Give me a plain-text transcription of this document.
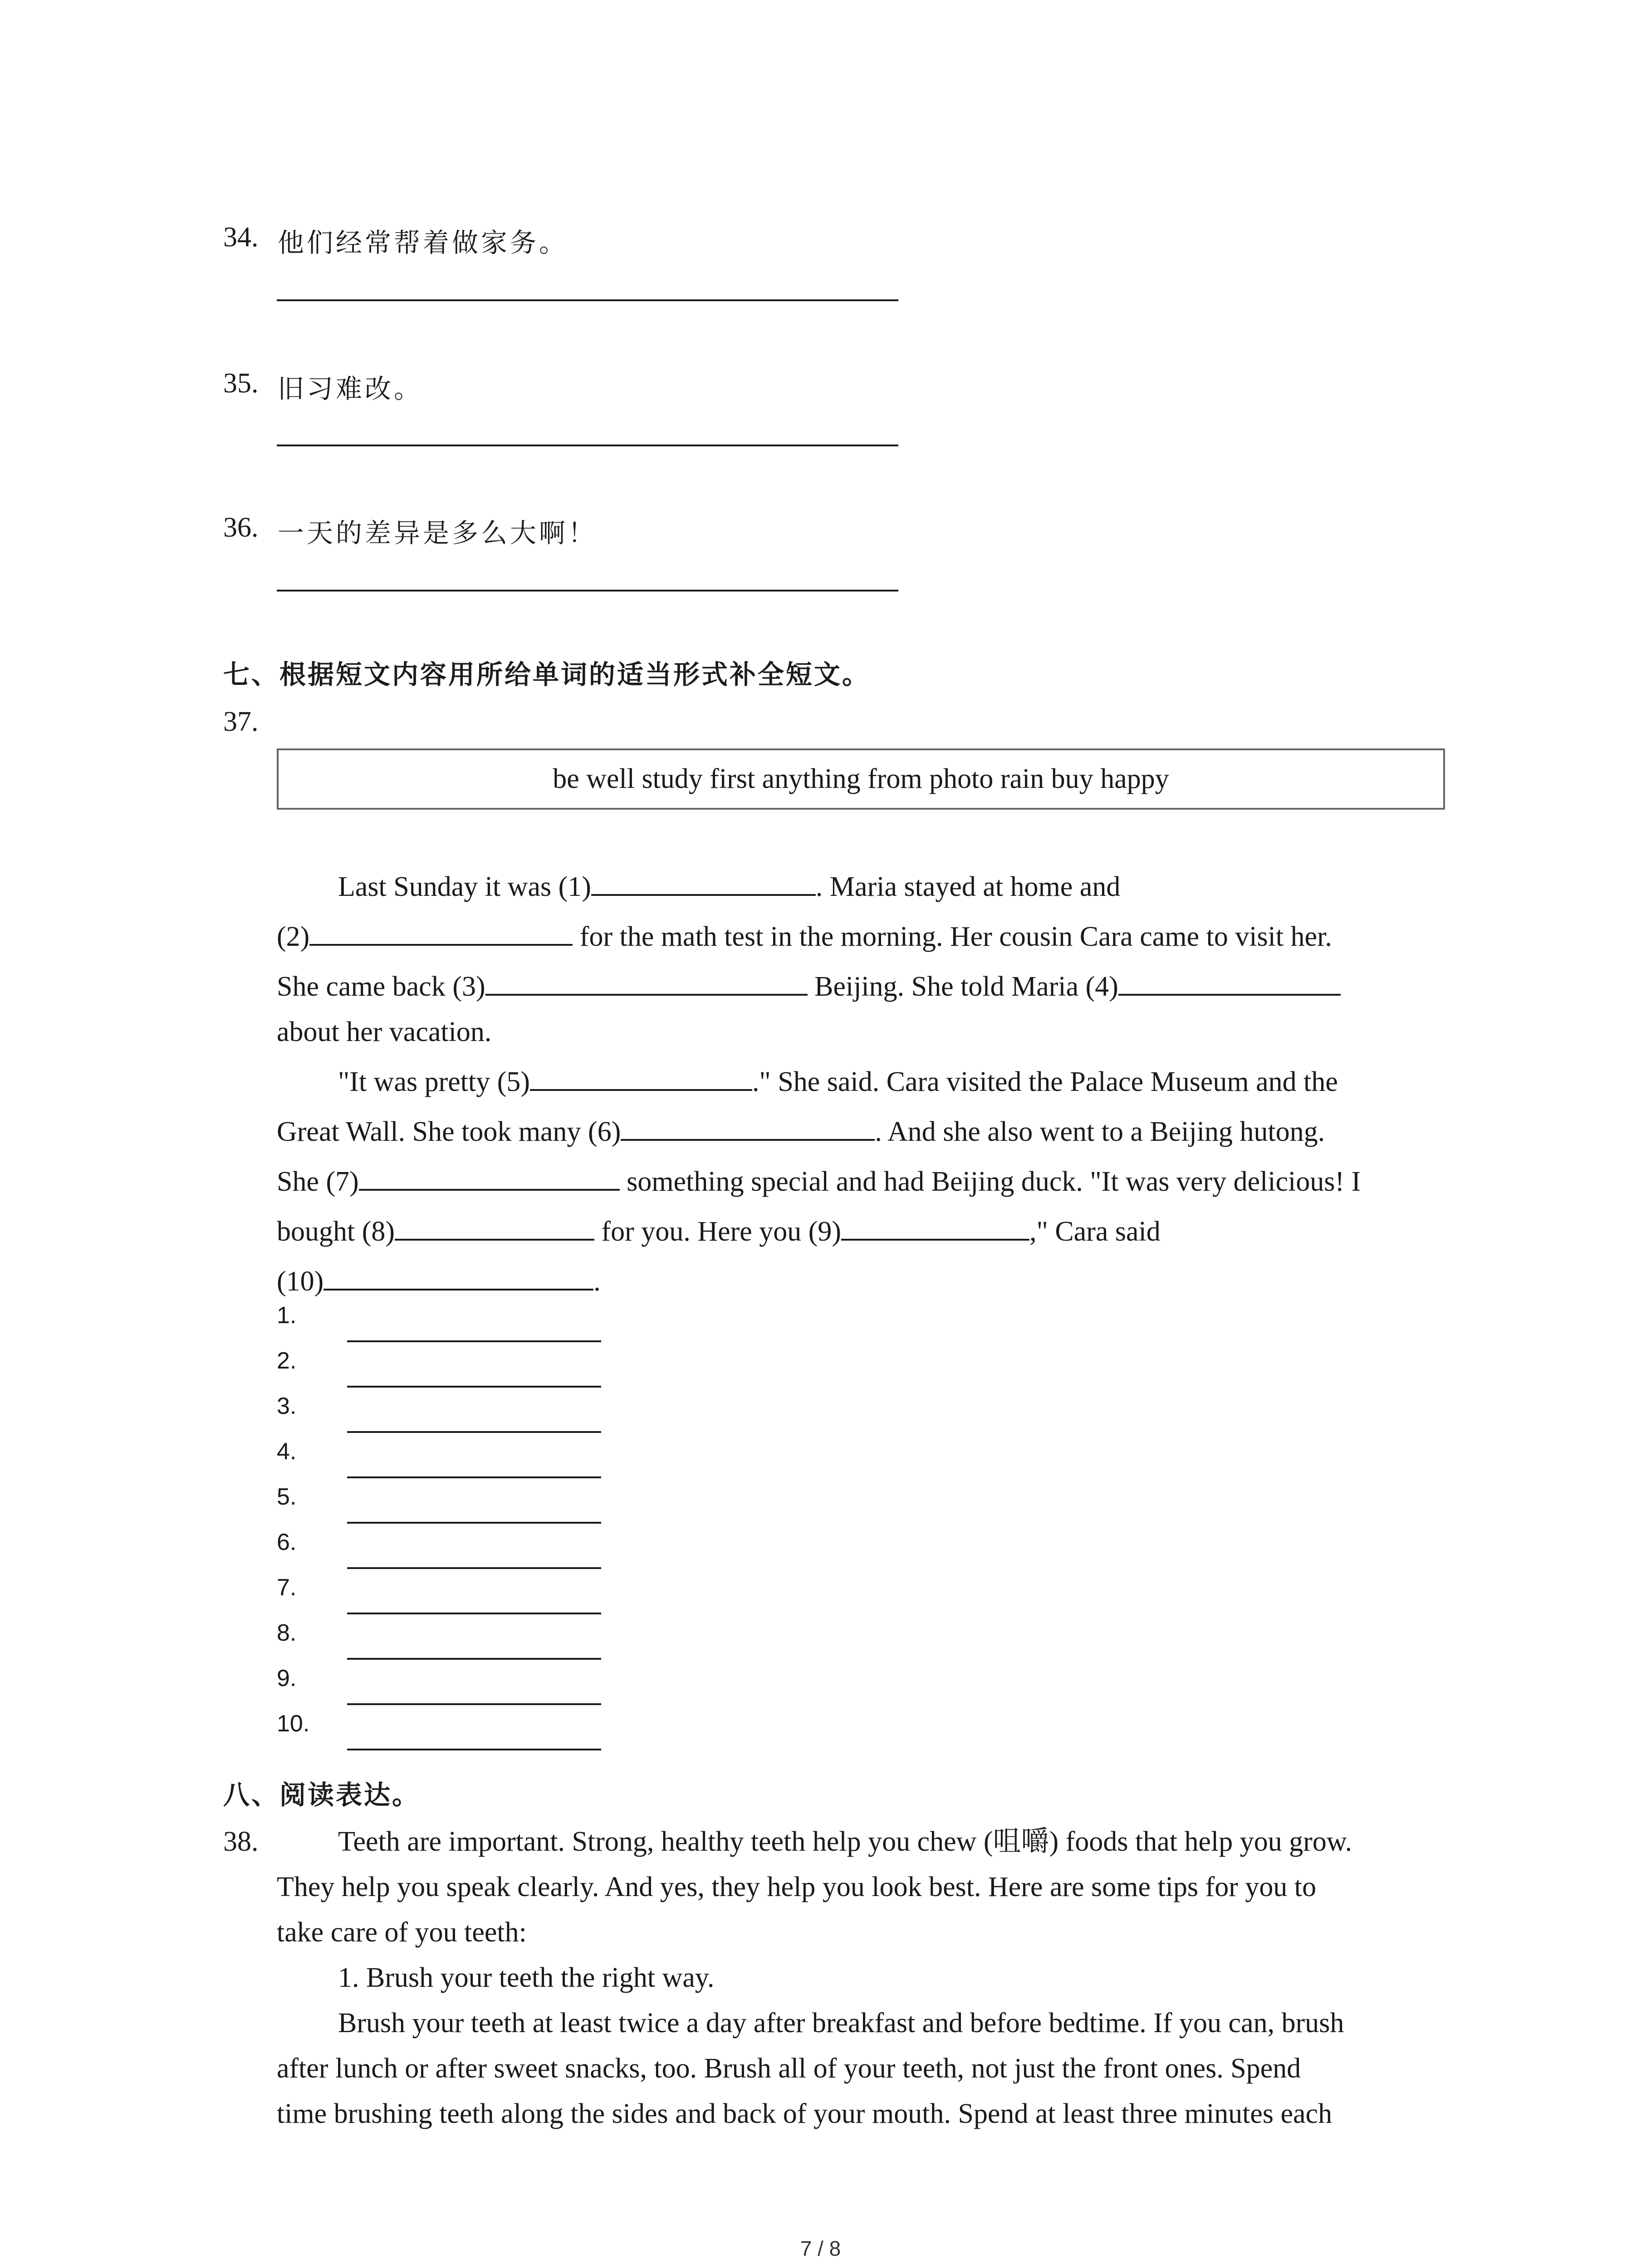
34. 他们经常帮着做家务。
35. 旧习难改。
36. 一天的差异是多么大啊！
七、根据短文内容用所给单词的适当形式补全短文。
37.
be well study first anything from photo rain buy happy
Last Sunday it was (1)	. Maria stayed at home and
(2)	for the math test in the morning. Her cousin Cara came to visit her.
She came back (3)	Beijing. She told Maria (4)
about her vacation.
"It was pretty (5)	." She said. Cara visited the Palace Museum and the
Great Wall. She took many (6)	. And she also went to a Beijing hutong.
She (7)	something special and had Beijing duck. "It was very delicious! I
bought (8)	for you. Here you (9)	," Cara said
(10)	.
1.
2.
3.
4.
5.
6.
7.
8.
9.
10.
八、阅读表达。
38.	Teeth are important. Strong, healthy teeth help you chew (咀嚼) foods that help you grow.
They help you speak clearly. And yes, they help you look best. Here are some tips for you to
take care of you teeth:
1. Brush your teeth the right way.
Brush your teeth at least twice a day after breakfast and before bedtime. If you can, brush
after lunch or after sweet snacks, too. Brush all of your teeth, not just the front ones. Spend
time brushing teeth along the sides and back of your mouth. Spend at least three minutes each
7 / 8
